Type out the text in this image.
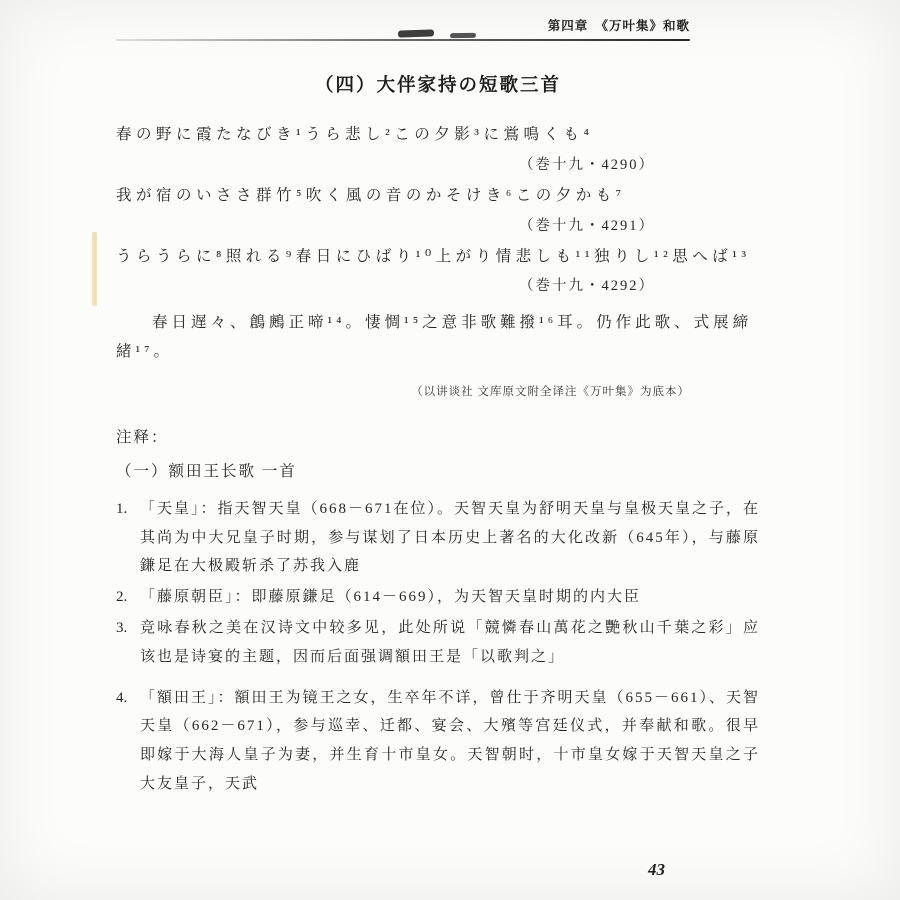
第四章　《万叶集》和歌
（四）大伴家持の短歌三首

春の野に霞たなびき¹うら悲し²この夕影³に鴬鳴くも⁴

（巻十九・4290）

我が宿のいささ群竹⁵吹く風の音のかそけき⁶この夕かも⁷

（巻十九・4291）

うらうらに⁸照れる⁹春日にひばり¹⁰上がり情悲しも¹¹独りし¹²思へば¹³

（巻十九・4292）

春日遅々、鶬鶊正啼¹⁴。悽惆¹⁵之意非歌難撥¹⁶耳。仍作此歌、式展締緒¹⁷。

（以讲谈社 文库原文附全译注《万叶集》为底本）

注释：

（一）额田王长歌 一首

1. 「天皇」：指天智天皇（668－671在位）。天智天皇为舒明天皇与皇极天皇之子，在其尚为中大兄皇子时期，参与谋划了日本历史上著名的大化改新（645年），与藤原鎌足在大极殿斩杀了苏我入鹿
2. 「藤原朝臣」：即藤原鎌足（614－669），为天智天皇时期的内大臣
3. 竞咏春秋之美在汉诗文中较多见，此处所说「競憐春山萬花之艷秋山千葉之彩」应该也是诗宴的主题，因而后面强调額田王是「以歌判之」
4. 「額田王」：額田王为镜王之女，生卒年不详，曾仕于齐明天皇（655－661）、天智天皇（662－671），参与巡幸、迁都、宴会、大殯等宫廷仪式，并奉献和歌。很早即嫁于大海人皇子为妻，并生育十市皇女。天智朝时，十市皇女嫁于天智天皇之子大友皇子，天武
43
